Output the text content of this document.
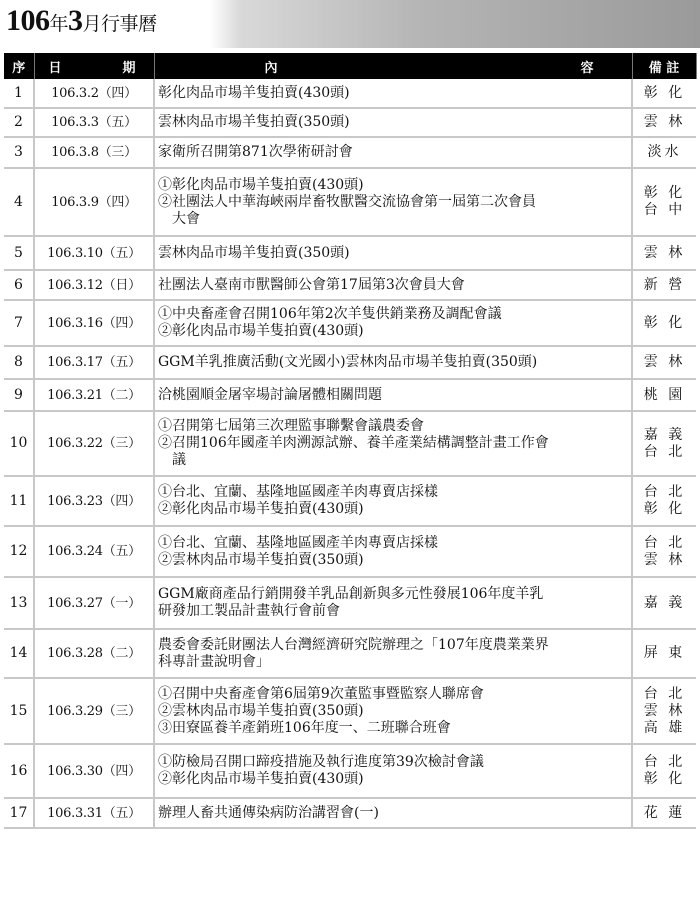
106年3月行事曆
序	日 期	內 容	備 註
1	106.3.2（四）	彰化肉品市場羊隻拍賣(430頭)	彰 化

2	106.3.3（五）	雲林肉品市場羊隻拍賣(350頭)	雲 林

3	106.3.8（三）	家衛所召開第871次學術研討會	淡水

4	106.3.9（四）	①彰化肉品市場羊隻拍賣(430頭)
②社團法人中華海峽兩岸畜牧獸醫交流協會第一屆第二次會員
　大會	彰 化
台 中

5	106.3.10（五）	雲林肉品市場羊隻拍賣(350頭)	雲 林

6	106.3.12（日）	社團法人臺南市獸醫師公會第17屆第3次會員大會	新 營

7	106.3.16（四）	①中央畜產會召開106年第2次羊隻供銷業務及調配會議
②彰化肉品市場羊隻拍賣(430頭)	彰 化

8	106.3.17（五）	GGM羊乳推廣活動(文光國小)雲林肉品市場羊隻拍賣(350頭)	雲 林

9	106.3.21（二）	洽桃園順金屠宰場討論屠體相關問題	桃 園

10	106.3.22（三）	①召開第七屆第三次理監事聯繫會議農委會
②召開106年國產羊肉溯源試辦、養羊產業結構調整計畫工作會
　議	嘉 義
台 北

11	106.3.23（四）	①台北、宜蘭、基隆地區國產羊肉專賣店採樣
②彰化肉品市場羊隻拍賣(430頭)	台 北
彰 化

12	106.3.24（五）	①台北、宜蘭、基隆地區國產羊肉專賣店採樣
②雲林肉品市場羊隻拍賣(350頭)	台 北
雲 林

13	106.3.27（一）	GGM廠商產品行銷開發羊乳品創新與多元性發展106年度羊乳
研發加工製品計畫執行會前會	嘉 義

14	106.3.28（二）	農委會委託財團法人台灣經濟研究院辦理之「107年度農業業界
科專計畫說明會」	屏 東

15	106.3.29（三）	①召開中央畜產會第6屆第9次董監事暨監察人聯席會
②雲林肉品市場羊隻拍賣(350頭)
③田寮區養羊產銷班106年度一、二班聯合班會	台 北
雲 林
高 雄

16	106.3.30（四）	①防檢局召開口蹄疫措施及執行進度第39次檢討會議
②彰化肉品市場羊隻拍賣(430頭)	台 北
彰 化

17	106.3.31（五）	辦理人畜共通傳染病防治講習會(一)	花 蓮
